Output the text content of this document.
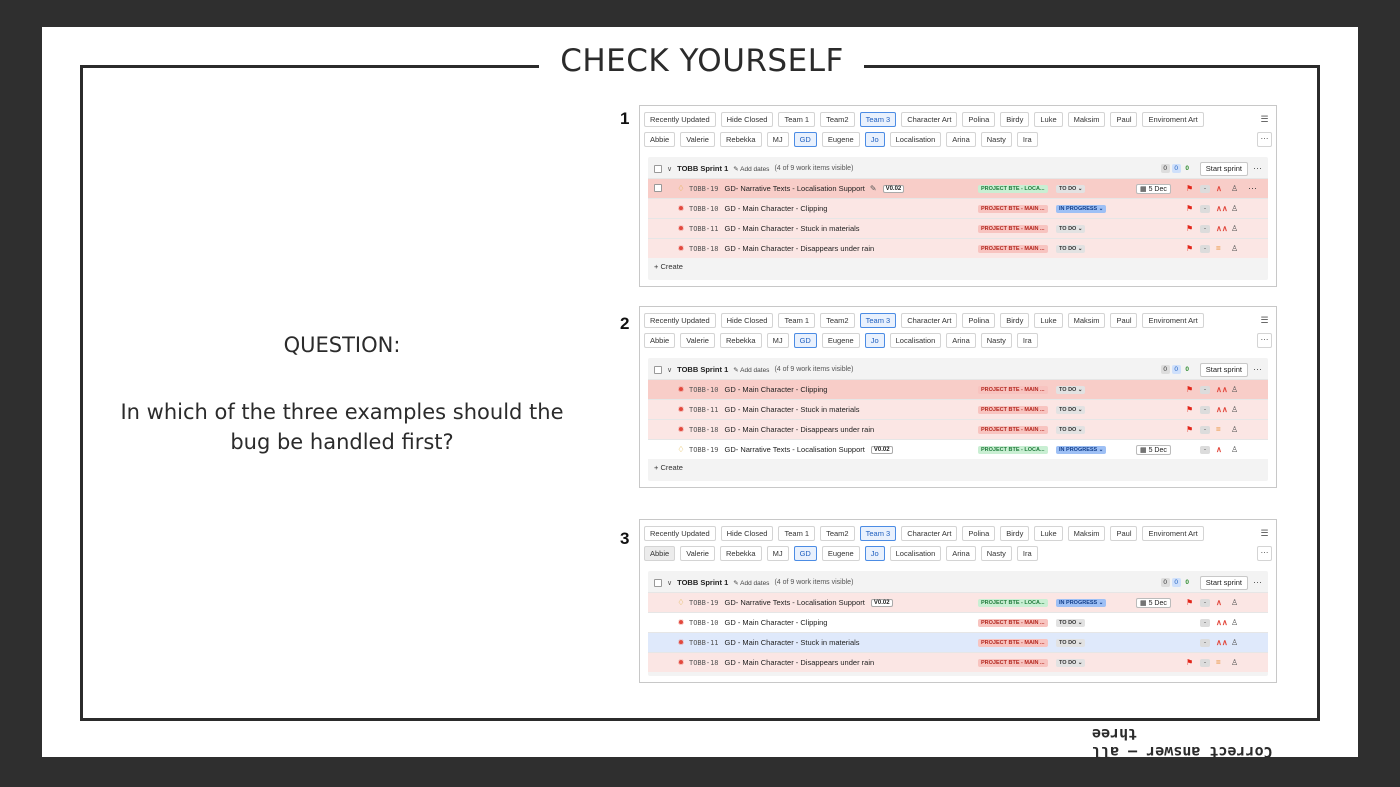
CHECK YOURSELF
QUESTION:
In which of the three examples should the bug be handled first?
Correct answer — all three
1	Recently Updated	Hide Closed	Team 1	Team2	Team 3	Character Art	Polina	Birdy	Luke	Maksim	Paul	Enviroment Art	☰
Abbie	Valerie	Rebekka	MJ	GD	Eugene	Jo	Localisation	Arina	Nasty	Ira	⋯
∨ TOBB Sprint 1 ✎ Add dates (4 of 9 work items visible)	0	0	0	Start sprint	⋯
♢ TOBB-19 GD- Narrative Texts - Localisation Support ✎	V0.02	PROJECT BTE - LOCA...	TO DO ⌄	▦ 5 Dec	⚑	-	∧ ♙ ⋯
✹ TOBB-10 GD - Main Character - Clipping	PROJECT BTE - MAIN ...	IN PROGRESS ⌄	⚑	-	∧∧ ♙
✹ TOBB-11 GD - Main Character - Stuck in materials	PROJECT BTE - MAIN ...	TO DO ⌄	⚑	-	∧∧ ♙
✹ TOBB-18 GD - Main Character - Disappears under rain	PROJECT BTE - MAIN ...	TO DO ⌄	⚑	-	= ♙
+ Create
2	Recently Updated	Hide Closed	Team 1	Team2	Team 3	Character Art	Polina	Birdy	Luke	Maksim	Paul	Enviroment Art	☰
Abbie	Valerie	Rebekka	MJ	GD	Eugene	Jo	Localisation	Arina	Nasty	Ira	⋯
∨ TOBB Sprint 1 ✎ Add dates (4 of 9 work items visible)	0	0	0	Start sprint	⋯
✹ TOBB-10 GD - Main Character - Clipping	PROJECT BTE - MAIN ...	TO DO ⌄	⚑	-	∧∧ ♙
✹ TOBB-11 GD - Main Character - Stuck in materials	PROJECT BTE - MAIN ...	TO DO ⌄	⚑	-	∧∧ ♙
✹ TOBB-18 GD - Main Character - Disappears under rain	PROJECT BTE - MAIN ...	TO DO ⌄	⚑	-	= ♙
♢ TOBB-19 GD- Narrative Texts - Localisation Support	V0.02	PROJECT BTE - LOCA...	IN PROGRESS ⌄	▦ 5 Dec	-	∧ ♙
+ Create
3	Recently Updated	Hide Closed	Team 1	Team2	Team 3	Character Art	Polina	Birdy	Luke	Maksim	Paul	Enviroment Art	☰
Abbie	Valerie	Rebekka	MJ	GD	Eugene	Jo	Localisation	Arina	Nasty	Ira	⋯
∨ TOBB Sprint 1 ✎ Add dates (4 of 9 work items visible)	0	0	0	Start sprint	⋯
♢ TOBB-19 GD- Narrative Texts - Localisation Support	V0.02	PROJECT BTE - LOCA...	IN PROGRESS ⌄	▦ 5 Dec	⚑	-	∧ ♙
✹ TOBB-10 GD - Main Character - Clipping	PROJECT BTE - MAIN ...	TO DO ⌄	-	∧∧ ♙
✹ TOBB-11 GD - Main Character - Stuck in materials	PROJECT BTE - MAIN ...	TO DO ⌄	-	∧∧ ♙
✹ TOBB-18 GD - Main Character - Disappears under rain	PROJECT BTE - MAIN ...	TO DO ⌄	⚑	-	= ♙
